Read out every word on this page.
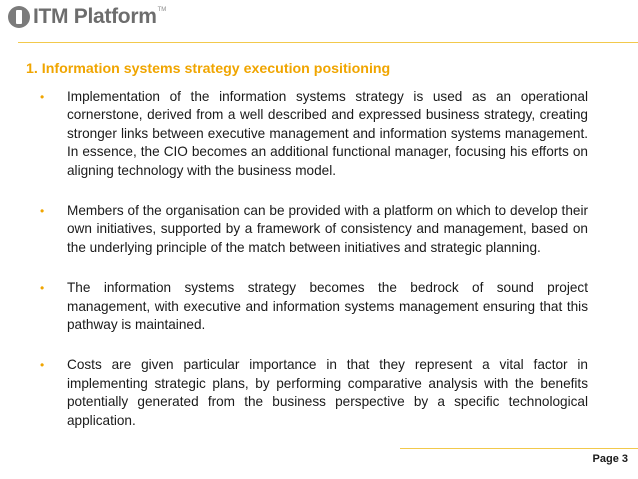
ITM Platform TM
1. Information systems strategy execution positioning
•	Implementation of the information systems strategy is used as an operational cornerstone, derived from a well described and expressed business strategy, creating stronger links between executive management and information systems management. In essence, the CIO becomes an additional functional manager, focusing his efforts on aligning technology with the business model.

•	Members of the organisation can be provided with a platform on which to develop their own initiatives, supported by a framework of consistency and management, based on the underlying principle of the match between initiatives and strategic planning.

•	The information systems strategy becomes the bedrock of sound project management, with executive and information systems management ensuring that this pathway is maintained.

•	Costs are given particular importance in that they represent a vital factor in implementing strategic plans, by performing comparative analysis with the benefits potentially generated from the business perspective by a specific technological application.

Page 3
